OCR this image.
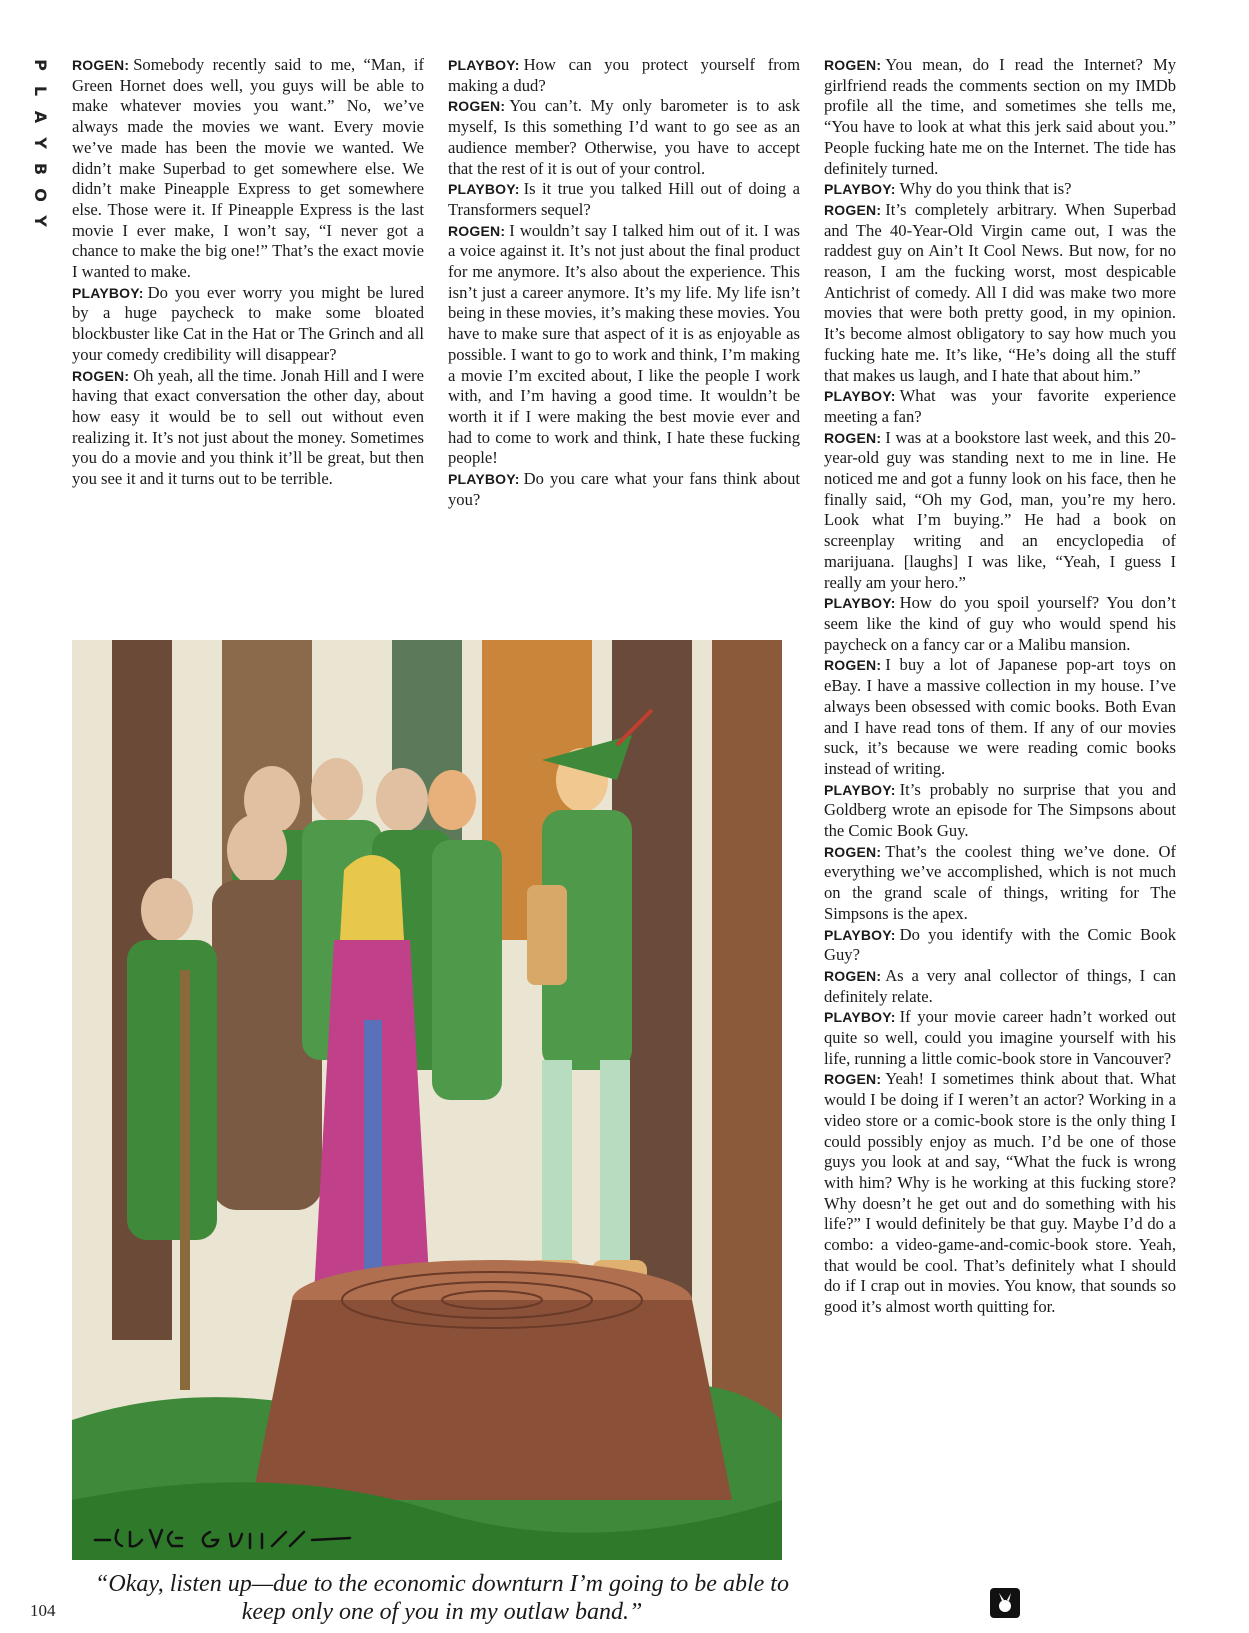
P
L
A
Y
B
O
Y

ROGEN: Somebody recently said to me, “Man, if Green Hornet does well, you guys will be able to make whatever movies you want.” No, we’ve always made the movies we want. Every movie we’ve made has been the movie we wanted. We didn’t make Superbad to get somewhere else. We didn’t make Pineapple Express to get somewhere else. Those were it. If Pineapple Express is the last movie I ever make, I won’t say, “I never got a chance to make the big one!” That’s the exact movie I wanted to make.

PLAYBOY: Do you ever worry you might be lured by a huge paycheck to make some bloated blockbuster like Cat in the Hat or The Grinch and all your comedy credibility will disappear?

ROGEN: Oh yeah, all the time. Jonah Hill and I were having that exact conversation the other day, about how easy it would be to sell out without even realizing it. It’s not just about the money. Sometimes you do a movie and you think it’ll be great, but then you see it and it turns out to be terrible.

PLAYBOY: How can you protect yourself from making a dud?

ROGEN: You can’t. My only barometer is to ask myself, Is this something I’d want to go see as an audience member? Otherwise, you have to accept that the rest of it is out of your control.

PLAYBOY: Is it true you talked Hill out of doing a Transformers sequel?

ROGEN: I wouldn’t say I talked him out of it. I was a voice against it. It’s not just about the final product for me anymore. It’s also about the experience. This isn’t just a career anymore. It’s my life. My life isn’t being in these movies, it’s making these movies. You have to make sure that aspect of it is as enjoyable as possible. I want to go to work and think, I’m making a movie I’m excited about, I like the people I work with, and I’m having a good time. It wouldn’t be worth it if I were making the best movie ever and had to come to work and think, I hate these fucking people!

PLAYBOY: Do you care what your fans think about you?

ROGEN: You mean, do I read the Internet? My girlfriend reads the comments section on my IMDb profile all the time, and sometimes she tells me, “You have to look at what this jerk said about you.” People fucking hate me on the Internet. The tide has definitely turned.

PLAYBOY: Why do you think that is?

ROGEN: It’s completely arbitrary. When Superbad and The 40-Year-Old Virgin came out, I was the raddest guy on Ain’t It Cool News. But now, for no reason, I am the fucking worst, most despicable Antichrist of comedy. All I did was make two more movies that were both pretty good, in my opinion. It’s become almost obligatory to say how much you fucking hate me. It’s like, “He’s doing all the stuff that makes us laugh, and I hate that about him.”

PLAYBOY: What was your favorite experience meeting a fan?

ROGEN: I was at a bookstore last week, and this 20-year-old guy was standing next to me in line. He noticed me and got a funny look on his face, then he finally said, “Oh my God, man, you’re my hero. Look what I’m buying.” He had a book on screenplay writing and an encyclopedia of marijuana. [laughs] I was like, “Yeah, I guess I really am your hero.”

PLAYBOY: How do you spoil yourself? You don’t seem like the kind of guy who would spend his paycheck on a fancy car or a Malibu mansion.

ROGEN: I buy a lot of Japanese pop-art toys on eBay. I have a massive collection in my house. I’ve always been obsessed with comic books. Both Evan and I have read tons of them. If any of our movies suck, it’s because we were reading comic books instead of writing.

PLAYBOY: It’s probably no surprise that you and Goldberg wrote an episode for The Simpsons about the Comic Book Guy.

ROGEN: That’s the coolest thing we’ve done. Of everything we’ve accomplished, which is not much on the grand scale of things, writing for The Simpsons is the apex.

PLAYBOY: Do you identify with the Comic Book Guy?

ROGEN: As a very anal collector of things, I can definitely relate.

PLAYBOY: If your movie career hadn’t worked out quite so well, could you imagine yourself with his life, running a little comic-book store in Vancouver?

ROGEN: Yeah! I sometimes think about that. What would I be doing if I weren’t an actor? Working in a video store or a comic-book store is the only thing I could possibly enjoy as much. I’d be one of those guys you look at and say, “What the fuck is wrong with him? Why is he working at this fucking store? Why doesn’t he get out and do something with his life?” I would definitely be that guy. Maybe I’d do a combo: a video-game-and-comic-book store. Yeah, that would be cool. That’s definitely what I should do if I crap out in movies. You know, that sounds so good it’s almost worth quitting for.

“Okay, listen up—due to the economic downturn I’m going to be able to keep only one of you in my outlaw band.”
104
